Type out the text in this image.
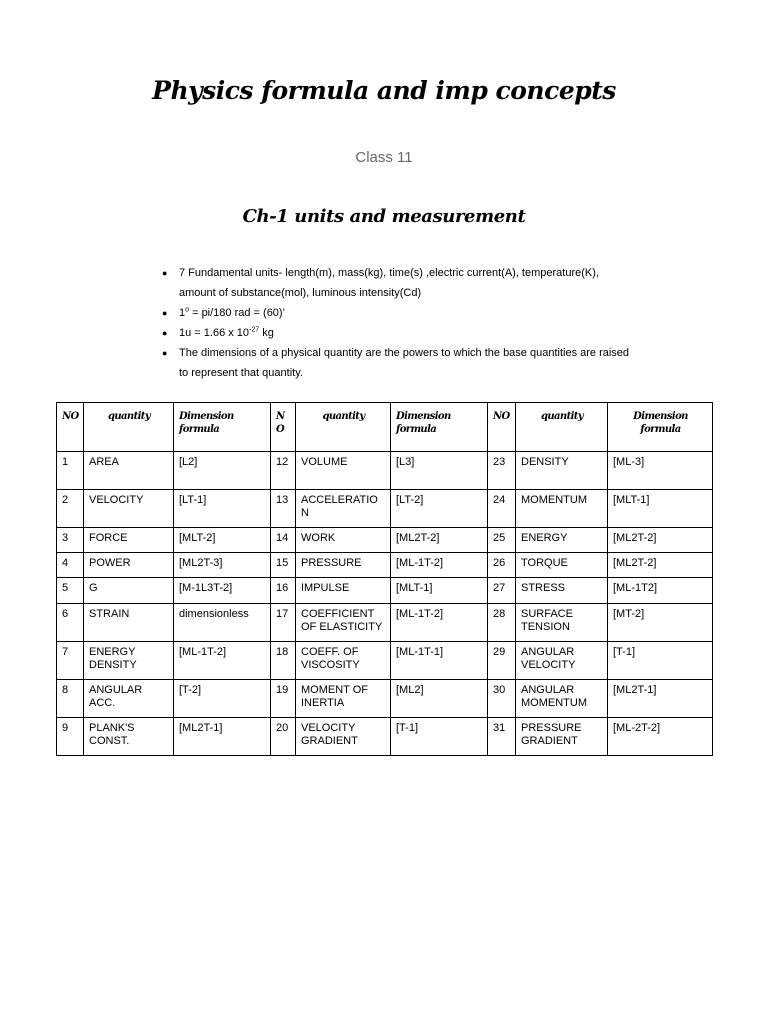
Physics formula and imp concepts
Class 11
Ch-1 units and measurement
● 7 Fundamental units- length(m), mass(kg), time(s) ,electric current(A), temperature(K), amount of substance(mol), luminous intensity(Cd)
● $1^o = pi/180$ rad = (60)’
● 1u = 1.66 x $10^{-27}$ kg
● The dimensions of a physical quantity are the powers to which the base quantities are raised to represent that quantity.
NO	quantity	Dimension formula	NO	quantity	Dimension formula	NO	quantity	Dimension formula
1	AREA	[L2]	12	VOLUME	[L3]	23	DENSITY	[ML-3]
2	VELOCITY	[LT-1]	13	ACCELERATIO N	[LT-2]	24	MOMENTUM	[MLT-1]
3	FORCE	[MLT-2]	14	WORK	[ML2T-2]	25	ENERGY	[ML2T-2]
4	POWER	[ML2T-3]	15	PRESSURE	[ML-1T-2]	26	TORQUE	[ML2T-2]
5	G	[M-1L3T-2]	16	IMPULSE	[MLT-1]	27	STRESS	[ML-1T2]
6	STRAIN	dimensionless	17	COEFFICIENT OF ELASTICITY	[ML-1T-2]	28	SURFACE TENSION	[MT-2]
7	ENERGY DENSITY	[ML-1T-2]	18	COEFF. OF VISCOSITY	[ML-1T-1]	29	ANGULAR VELOCITY	[T-1]
8	ANGULAR ACC.	[T-2]	19	MOMENT OF INERTIA	[ML2]	30	ANGULAR MOMENTUM	[ML2T-1]
9	PLANK'S CONST.	[ML2T-1]	20	VELOCITY GRADIENT	[T-1]	31	PRESSURE GRADIENT	[ML-2T-2]
